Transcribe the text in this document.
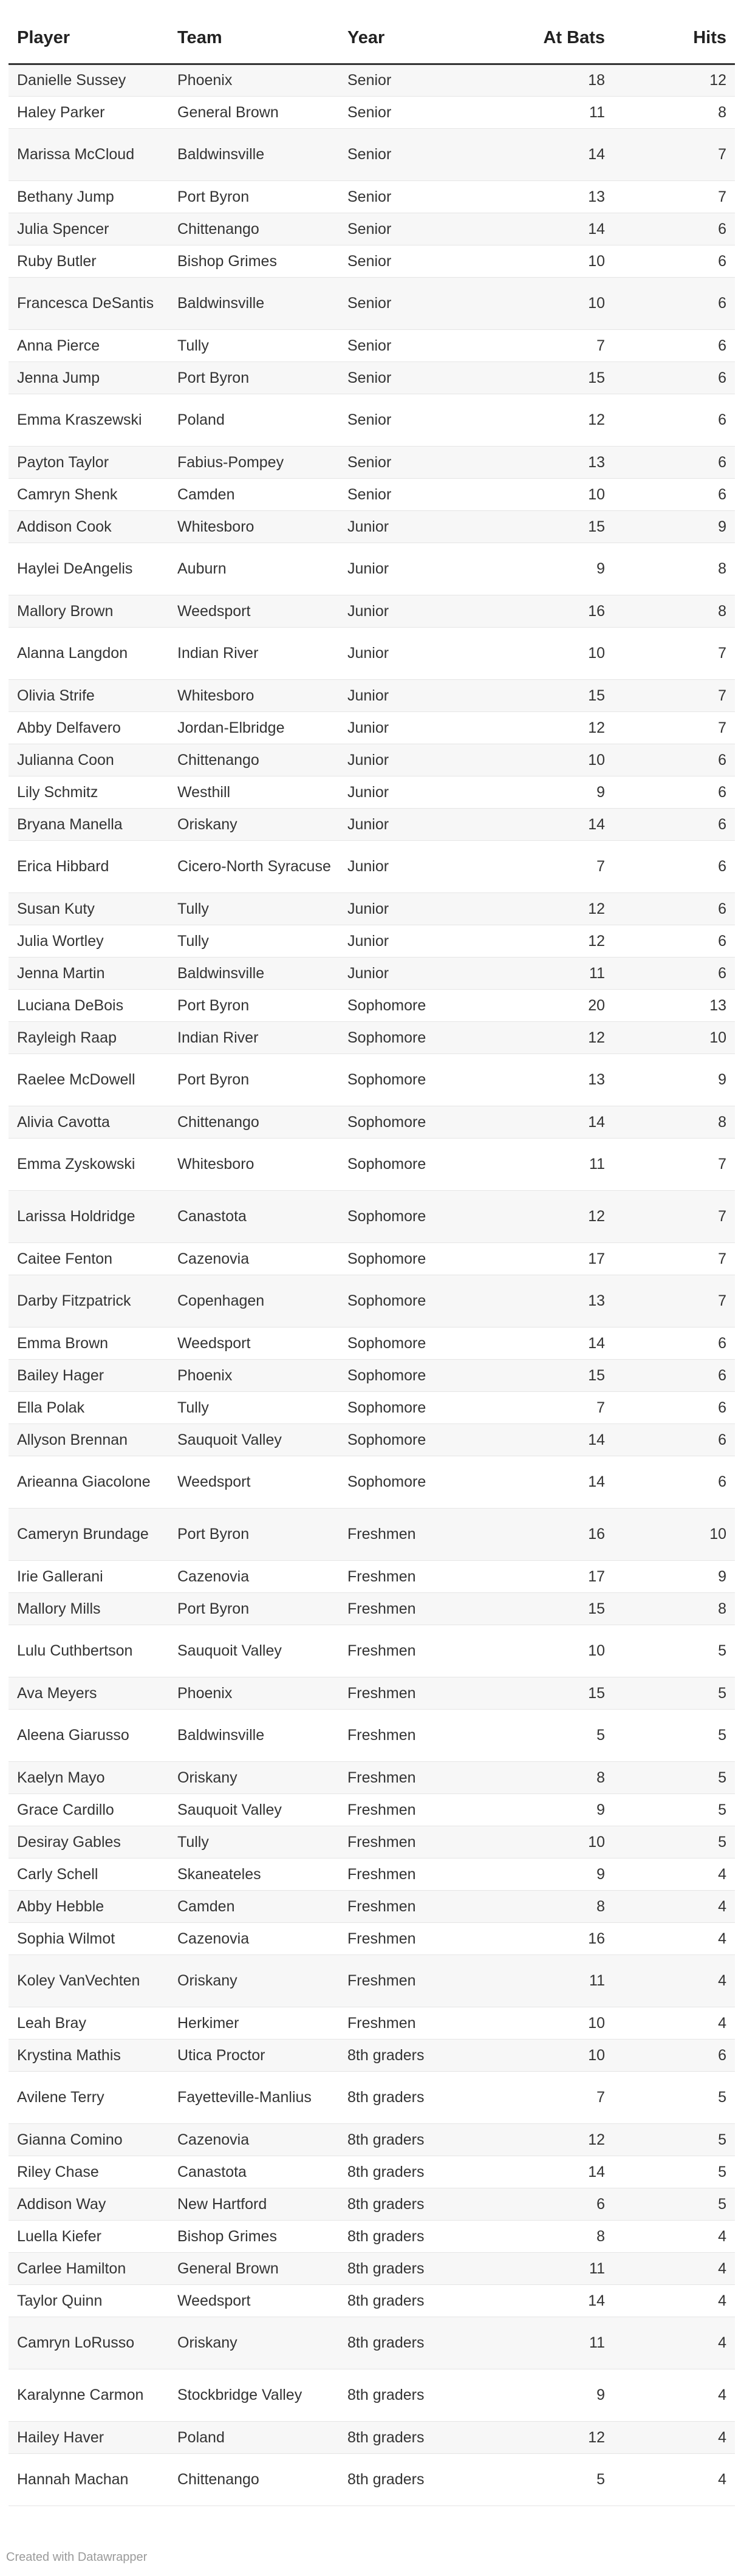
Player	Team	Year	At Bats	Hits
Danielle Sussey	Phoenix	Senior	18	12
Haley Parker	General Brown	Senior	11	8
Marissa McCloud	Baldwinsville	Senior	14	7
Bethany Jump	Port Byron	Senior	13	7
Julia Spencer	Chittenango	Senior	14	6
Ruby Butler	Bishop Grimes	Senior	10	6
Francesca DeSantis	Baldwinsville	Senior	10	6
Anna Pierce	Tully	Senior	7	6
Jenna Jump	Port Byron	Senior	15	6
Emma Kraszewski	Poland	Senior	12	6
Payton Taylor	Fabius-Pompey	Senior	13	6
Camryn Shenk	Camden	Senior	10	6
Addison Cook	Whitesboro	Junior	15	9
Haylei DeAngelis	Auburn	Junior	9	8
Mallory Brown	Weedsport	Junior	16	8
Alanna Langdon	Indian River	Junior	10	7
Olivia Strife	Whitesboro	Junior	15	7
Abby Delfavero	Jordan-Elbridge	Junior	12	7
Julianna Coon	Chittenango	Junior	10	6
Lily Schmitz	Westhill	Junior	9	6
Bryana Manella	Oriskany	Junior	14	6
Erica Hibbard	Cicero-North Syracuse	Junior	7	6
Susan Kuty	Tully	Junior	12	6
Julia Wortley	Tully	Junior	12	6
Jenna Martin	Baldwinsville	Junior	11	6
Luciana DeBois	Port Byron	Sophomore	20	13
Rayleigh Raap	Indian River	Sophomore	12	10
Raelee McDowell	Port Byron	Sophomore	13	9
Alivia Cavotta	Chittenango	Sophomore	14	8
Emma Zyskowski	Whitesboro	Sophomore	11	7
Larissa Holdridge	Canastota	Sophomore	12	7
Caitee Fenton	Cazenovia	Sophomore	17	7
Darby Fitzpatrick	Copenhagen	Sophomore	13	7
Emma Brown	Weedsport	Sophomore	14	6
Bailey Hager	Phoenix	Sophomore	15	6
Ella Polak	Tully	Sophomore	7	6
Allyson Brennan	Sauquoit Valley	Sophomore	14	6
Arieanna Giacolone	Weedsport	Sophomore	14	6
Cameryn Brundage	Port Byron	Freshmen	16	10
Irie Gallerani	Cazenovia	Freshmen	17	9
Mallory Mills	Port Byron	Freshmen	15	8
Lulu Cuthbertson	Sauquoit Valley	Freshmen	10	5
Ava Meyers	Phoenix	Freshmen	15	5
Aleena Giarusso	Baldwinsville	Freshmen	5	5
Kaelyn Mayo	Oriskany	Freshmen	8	5
Grace Cardillo	Sauquoit Valley	Freshmen	9	5
Desiray Gables	Tully	Freshmen	10	5
Carly Schell	Skaneateles	Freshmen	9	4
Abby Hebble	Camden	Freshmen	8	4
Sophia Wilmot	Cazenovia	Freshmen	16	4
Koley VanVechten	Oriskany	Freshmen	11	4
Leah Bray	Herkimer	Freshmen	10	4
Krystina Mathis	Utica Proctor	8th graders	10	6
Avilene Terry	Fayetteville-Manlius	8th graders	7	5
Gianna Comino	Cazenovia	8th graders	12	5
Riley Chase	Canastota	8th graders	14	5
Addison Way	New Hartford	8th graders	6	5
Luella Kiefer	Bishop Grimes	8th graders	8	4
Carlee Hamilton	General Brown	8th graders	11	4
Taylor Quinn	Weedsport	8th graders	14	4
Camryn LoRusso	Oriskany	8th graders	11	4
Karalynne Carmon	Stockbridge Valley	8th graders	9	4
Hailey Haver	Poland	8th graders	12	4
Hannah Machan	Chittenango	8th graders	5	4
Created with Datawrapper
